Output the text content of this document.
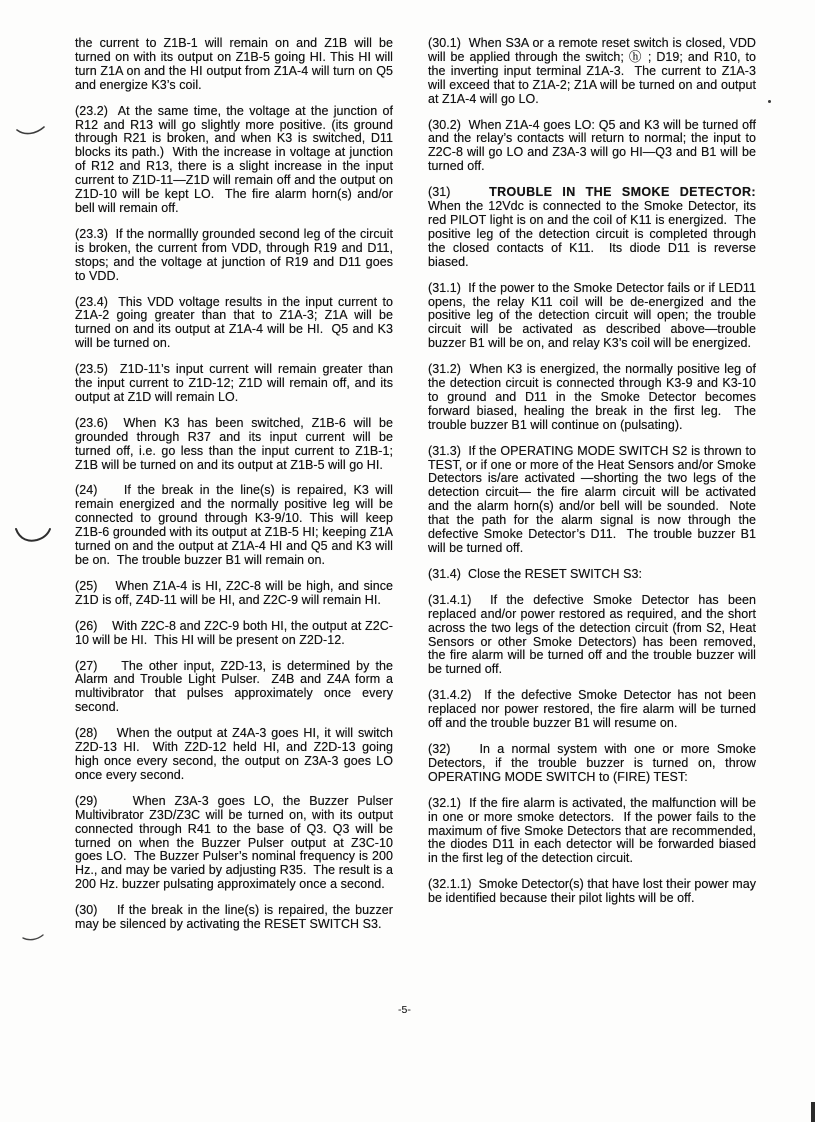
the current to Z1B-1 will remain on and Z1B will be turned on with its output on Z1B-5 going HI. This HI will turn Z1A on and the HI output from Z1A-4 will turn on Q5 and energize K3’s coil.

(23.2)  At the same time, the voltage at the junction of R12 and R13 will go slightly more positive. (its ground through R21 is broken, and when K3 is switched, D11 blocks its path.)  With the increase in voltage at junction of R12 and R13, there is a slight increase in the input current to Z1D-11—Z1D will remain off and the output on Z1D-10 will be kept LO.  The fire alarm horn(s) and/or bell will remain off.

(23.3)  If the normallly grounded second leg of the circuit is broken, the current from VDD, through R19 and D11, stops; and the voltage at junction of R19 and D11 goes to VDD.

(23.4)  This VDD voltage results in the input current to Z1A-2 going greater than that to Z1A-3; Z1A will be turned on and its output at Z1A-4 will be HI.  Q5 and K3 will be turned on.

(23.5)  Z1D-11’s input current will remain greater than the input current to Z1D-12; Z1D will remain off, and its output at Z1D will remain LO.

(23.6)  When K3 has been switched, Z1B-6 will be grounded through R37 and its input current will be turned off, i.e. go less than the input current to Z1B-1; Z1B will be turned on and its output at Z1B-5 will go HI.

(24)    If the break in the line(s) is repaired, K3 will remain energized and the normally positive leg will be connected to ground through K3-9/10. This will keep Z1B-6 grounded with its output at Z1B-5 HI; keeping Z1A turned on and the output at Z1A-4 HI and Q5 and K3 will be on.  The trouble buzzer B1 will remain on.

(25)    When Z1A-4 is HI, Z2C-8 will be high, and since Z1D is off, Z4D-11 will be HI, and Z2C-9 will remain HI.

(26)    With Z2C-8 and Z2C-9 both HI, the output at Z2C-10 will be HI.  This HI will be present on Z2D-12.

(27)    The other input, Z2D-13, is determined by the Alarm and Trouble Light Pulser.  Z4B and Z4A form a multivibrator that pulses approximately once every second.

(28)    When the output at Z4A-3 goes HI, it will switch Z2D-13 HI.  With Z2D-12 held HI, and Z2D-13 going high once every second, the output on Z3A-3 goes LO once every second.

(29)    When Z3A-3 goes LO, the Buzzer Pulser Multivibrator Z3D/Z3C will be turned on, with its output connected through R41 to the base of Q3. Q3 will be turned on when the Buzzer Pulser output at Z3C-10 goes LO.  The Buzzer Pulser’s nominal frequency is 200 Hz., and may be varied by adjusting R35.  The result is a 200 Hz. buzzer pulsating approximately once a second.

(30)    If the break in the line(s) is repaired, the buzzer may be silenced by activating the RESET SWITCH S3.

(30.1)  When S3A or a remote reset switch is closed, VDD will be applied through the switch; ⓗ ; D19; and R10, to the inverting input terminal Z1A-3.  The current to Z1A-3 will exceed that to Z1A-2; Z1A will be turned on and output at Z1A-4 will go LO.

(30.2)  When Z1A-4 goes LO: Q5 and K3 will be turned off and the relay’s contacts will return to normal; the input to Z2C-8 will go LO and Z3A-3 will go HI—Q3 and B1 will be turned off.

(31)    TROUBLE IN THE SMOKE DETECTOR:
When the 12Vdc is connected to the Smoke Detector, its red PILOT light is on and the coil of K11 is energized.  The positive leg of the detection circuit is completed through the closed contacts of K11.  Its diode D11 is reverse biased.

(31.1)  If the power to the Smoke Detector fails or if LED11 opens, the relay K11 coil will be de-energized and the positive leg of the detection circuit will open; the trouble circuit will be activated as described above—trouble buzzer B1 will be on, and relay K3’s coil will be energized.

(31.2)  When K3 is energized, the normally positive leg of the detection circuit is connected through K3-9 and K3-10 to ground and D11 in the Smoke Detector becomes forward biased, healing the break in the first leg.  The trouble buzzer B1 will continue on (pulsating).

(31.3)  If the OPERATING MODE SWITCH S2 is thrown to TEST, or if one or more of the Heat Sensors and/or Smoke Detectors is/are activated —shorting the two legs of the detection circuit— the fire alarm circuit will be activated and the alarm horn(s) and/or bell will be sounded.  Note that the path for the alarm signal is now through the defective Smoke Detector’s D11.  The trouble buzzer B1 will be turned off.

(31.4)  Close the RESET SWITCH S3:

(31.4.1)  If the defective Smoke Detector has been replaced and/or power restored as required, and the short across the two legs of the detection circuit (from S2, Heat Sensors or other Smoke Detectors) has been removed, the fire alarm will be turned off and the trouble buzzer will be turned off.

(31.4.2)  If the defective Smoke Detector has not been replaced nor power restored, the fire alarm will be turned off and the trouble buzzer B1 will resume on.

(32)    In a normal system with one or more Smoke Detectors, if the trouble buzzer is turned on, throw OPERATING MODE SWITCH to (FIRE) TEST:

(32.1)  If the fire alarm is activated, the malfunction will be in one or more smoke detectors.  If the power fails to the maximum of five Smoke Detectors that are recommended, the diodes D11 in each detector will be forwarded biased in the first leg of the detection circuit.

(32.1.1)  Smoke Detector(s) that have lost their power may be identified because their pilot lights will be off.

-5-
